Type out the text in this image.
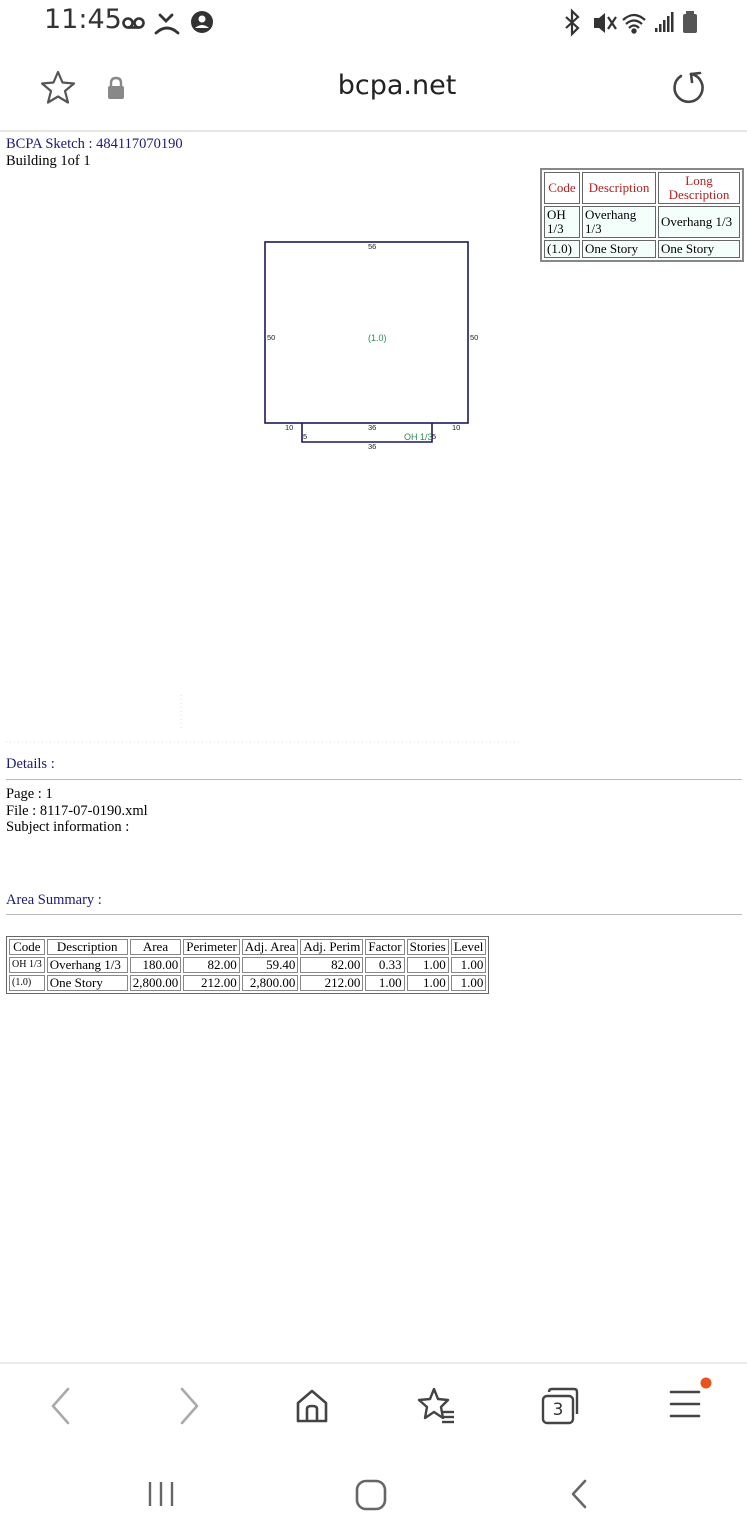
11:45
bcpa.net
BCPA Sketch : 484117070190
Building 1of 1
Code	Description	Long Description
OH 1/3	Overhang 1/3	Overhang 1/3
(1.0)	One Story	One Story
56
50	50
10	36	10
5	5
36
(1.0)
OH 1/3
Details :
Page : 1
File : 8117-07-0190.xml
Subject information :
Area Summary :
Code	Description	Area	Perimeter	Adj. Area	Adj. Perim	Factor	Stories	Level
OH 1/3	Overhang 1/3	180.00	82.00	59.40	82.00	0.33	1.00	1.00
(1.0)	One Story	2,800.00	212.00	2,800.00	212.00	1.00	1.00	1.00
3
